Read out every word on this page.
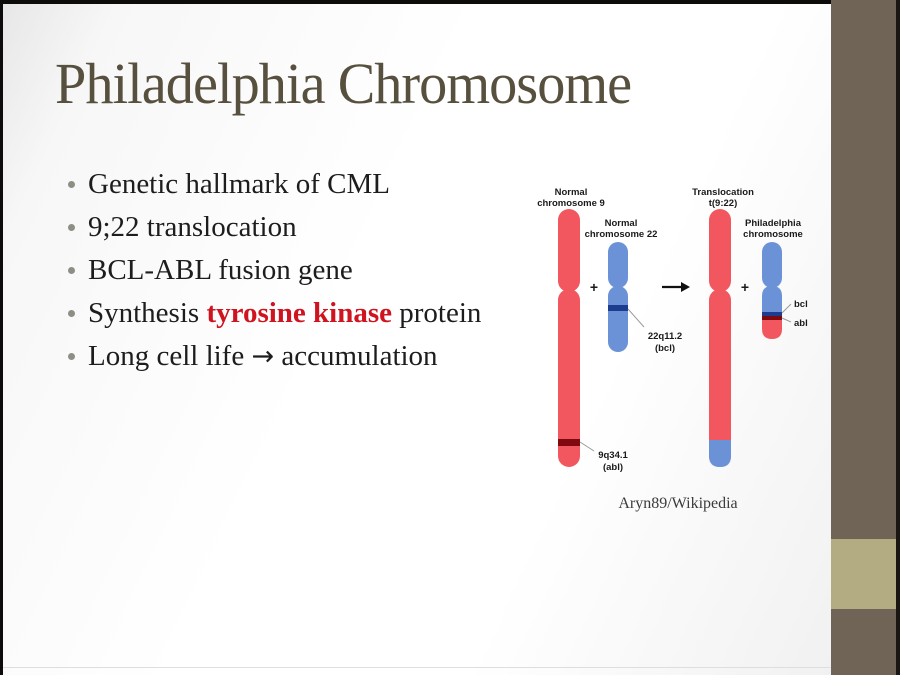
Philadelphia Chromosome
Genetic hallmark of CML
9;22 translocation
BCL-ABL fusion gene
Synthesis tyrosine kinase protein
Long cell life → accumulation
Normal
chromosome 9
9q34.1
(abl)
+
Normal
chromosome 22
22q11.2
(bcl)
Translocation
t(9:22)
+
Philadelphia
chromosome
bcl
abl
Aryn89/Wikipedia
